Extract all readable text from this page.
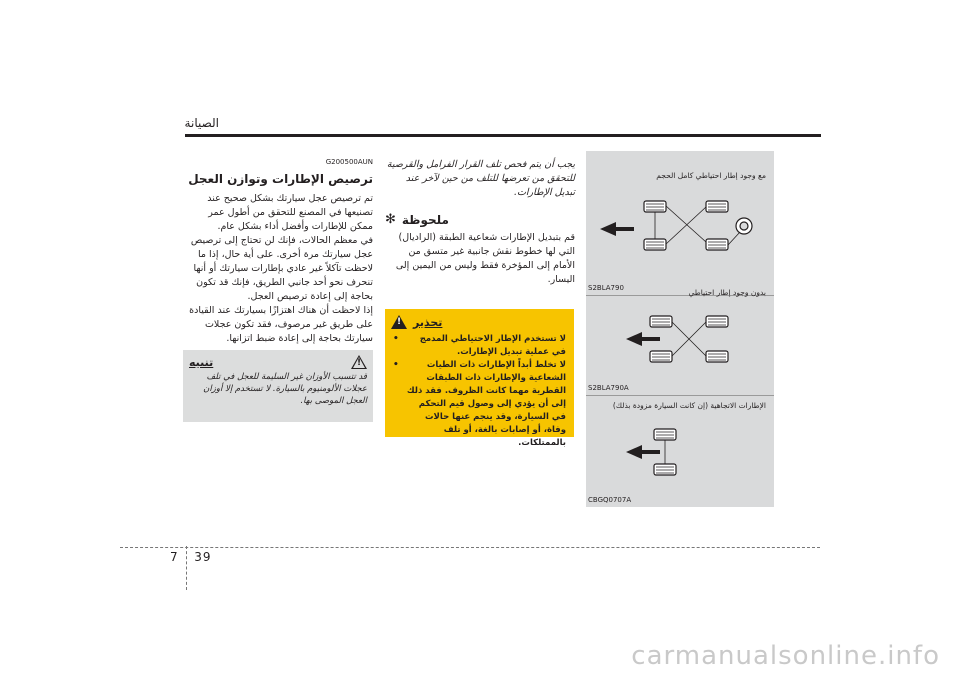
الصيانة
G200500AUN
ترصيص الإطارات وتوازن العجل
تم ترصيص عجل سيارتك بشكل صحيح عند تصنيعها في المصنع للتحقق من أطول عمر ممكن للإطارات وأفضل أداء بشكل عام.
في معظم الحالات، فإنك لن تحتاج إلى ترصيص عجل سيارتك مرة أخرى. على أية حال، إذا ما لاحظت تآكلاً غير عادي بإطارات سيارتك أو أنها تنحرف نحو أحد جانبي الطريق، فإنك قد تكون بحاجة إلى إعادة ترصيص العجل.
إذا لاحظت أن هناك اهتزازًا بسيارتك عند القيادة على طريق غير مرصوف، فقد تكون عجلات سيارتك بحاجة إلى إعادة ضبط اتزانها.
تنبيه
!
قد تتسبب الأوزان غير السليمة للعجل في تلف عجلات الألومنيوم بالسيارة. لا تستخدم إلا أوزان العجل الموصى بها.
يجب أن يتم فحص تلف القرار الفرامل والقرصية للتحقق من تعرضها للتلف من حين لآخر عند تبديل الإطارات.
✻ ملحوظة
قم بتبديل الإطارات شعاعية الطبقة (الراديال) التي لها خطوط نقش جانبية غير متسق من الأمام إلى المؤخرة فقط وليس من اليمين إلى اليسار.
!
تحذير
•	لا تستخدم الإطار الاحتياطي المدمج في عملية تبديل الإطارات.
•	لا تخلط أبداً الإطارات ذات الطيات الشعاعية والإطارات ذات الطبقات القطرية مهما كانت الظروف. فقد ذلك إلى أن يؤدي إلى وصول قيم التحكم في السيارة، وقد ينجم عنها حالات وفاة، أو إصابات بالغة، أو تلف بالممتلكات.
مع وجود إطار احتياطي كامل الحجم
S2BLA790	بدون وجود إطار احتياطي
S2BLA790A
الإطارات الاتجاهية (إن كانت السيارة مزودة بذلك)
CBGQ0707A
7 39
carmanualsonline.info
